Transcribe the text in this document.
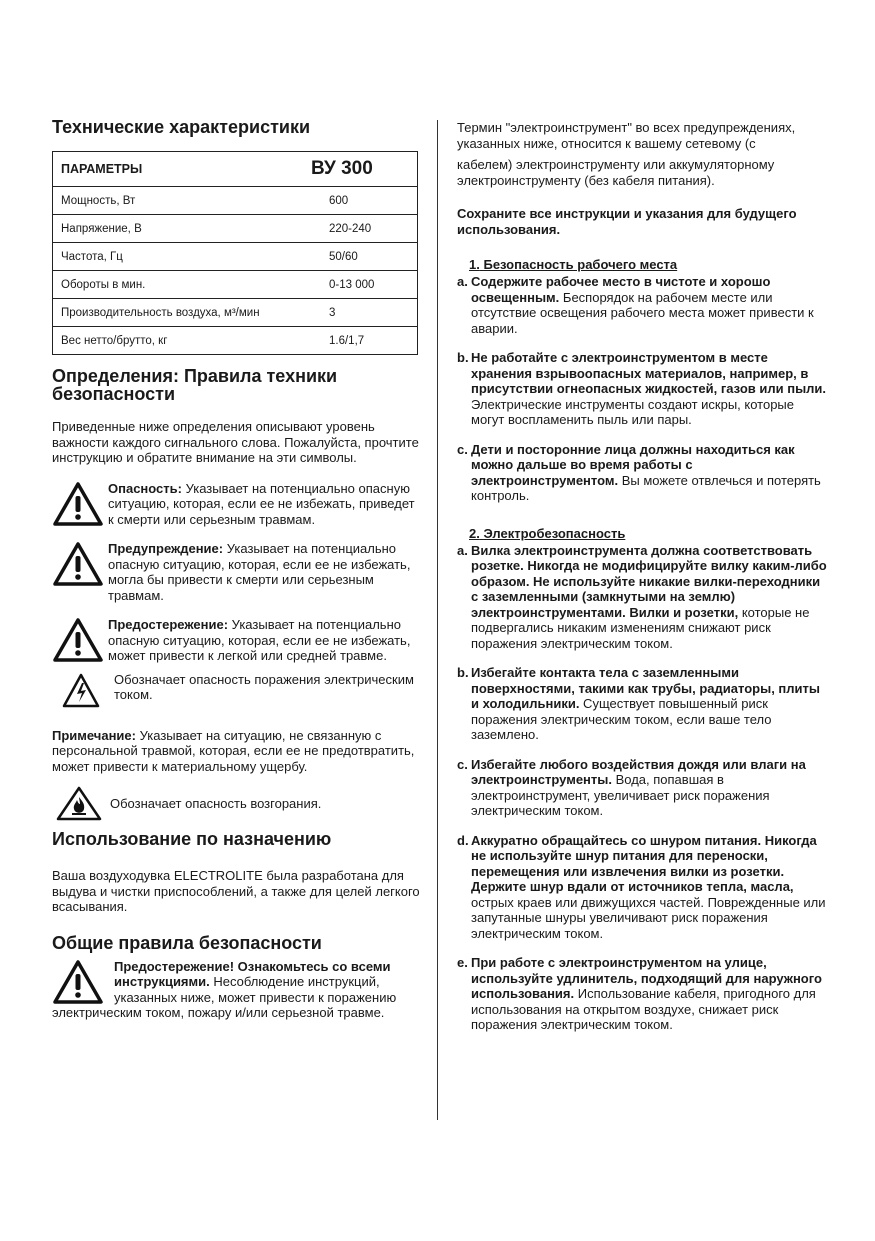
Технические характеристики
ПАРАМЕТРЫ	ВУ 300
Мощность, Вт	600
Напряжение, В	220-240
Частота, Гц	50/60
Обороты в мин.	0-13 000
Производительность воздуха, м³/мин	3
Вес нетто/брутто, кг	1.6/1,7
Определения: Правила техники безопасности

Приведенные ниже определения описывают уровень важности каждого сигнального слова. Пожалуйста, прочтите инструкцию и обратите внимание на эти символы.

Опасность: Указывает на потенциально опасную ситуацию, которая, если ее не избежать, приведет к смерти или серьезным травмам.

Предупреждение: Указывает на потенциально опасную ситуацию, которая, если ее не избежать, могла бы привести к смерти или серьезным травмам.

Предостережение: Указывает на потенциально опасную ситуацию, которая, если ее не избежать, может привести к легкой или средней травме.

Обозначает опасность поражения электрическим током.

Примечание: Указывает на ситуацию, не связанную с персональной травмой, которая, если ее не предотвратить, может привести к материальному ущербу.

Обозначает опасность возгорания.

Использование по назначению

Ваша воздуходувка ELECTROLITE была разработана для выдува и чистки приспособлений, а также для целей легкого всасывания.

Общие правила безопасности

Предостережение! Ознакомьтесь со всеми инструкциями. Несоблюдение инструкций, указанных ниже, может привести к поражению

электрическим током, пожару и/или серьезной травме.

Термин "электроинструмент" во всех предупреждениях, указанных ниже, относится к вашему сетевому (с

кабелем) электроинструменту или аккумуляторному электроинструменту (без кабеля питания).

Сохраните все инструкции и указания для будущего использования.

1. Безопасность рабочего места
a. Содержите рабочее место в чистоте и хорошо освещенным. Беспорядок на рабочем месте или отсутствие освещения рабочего места может привести к аварии.
b. Не работайте с электроинструментом в месте хранения взрывоопасных материалов, например, в присутствии огнеопасных жидкостей, газов или пыли. Электрические инструменты создают искры, которые могут воспламенить пыль или пары.
c. Дети и посторонние лица должны находиться как можно дальше во время работы с электроинструментом. Вы можете отвлечься и потерять контроль.
2. Электробезопасность
a. Вилка электроинструмента должна соответствовать розетке. Никогда не модифицируйте вилку каким-либо образом. Не используйте никакие вилки-переходники с заземленными (замкнутыми на землю) электроинструментами. Вилки и розетки, которые не подвергались никаким изменениям снижают риск поражения электрическим током.
b. Избегайте контакта тела с заземленными поверхностями, такими как трубы, радиаторы, плиты и холодильники. Существует повышенный риск поражения электрическим током, если ваше тело заземлено.
c. Избегайте любого воздействия дождя или влаги на электроинструменты. Вода, попавшая в электроинструмент, увеличивает риск поражения электрическим током.
d. Аккуратно обращайтесь со шнуром питания. Никогда не используйте шнур питания для переноски, перемещения или извлечения вилки из розетки. Держите шнур вдали от источников тепла, масла, острых краев или движущихся частей. Поврежденные или запутанные шнуры увеличивают риск поражения электрическим током.
e. При работе с электроинструментом на улице, используйте удлинитель, подходящий для наружного использования. Использование кабеля, пригодного для использования на открытом воздухе, снижает риск поражения электрическим током.
